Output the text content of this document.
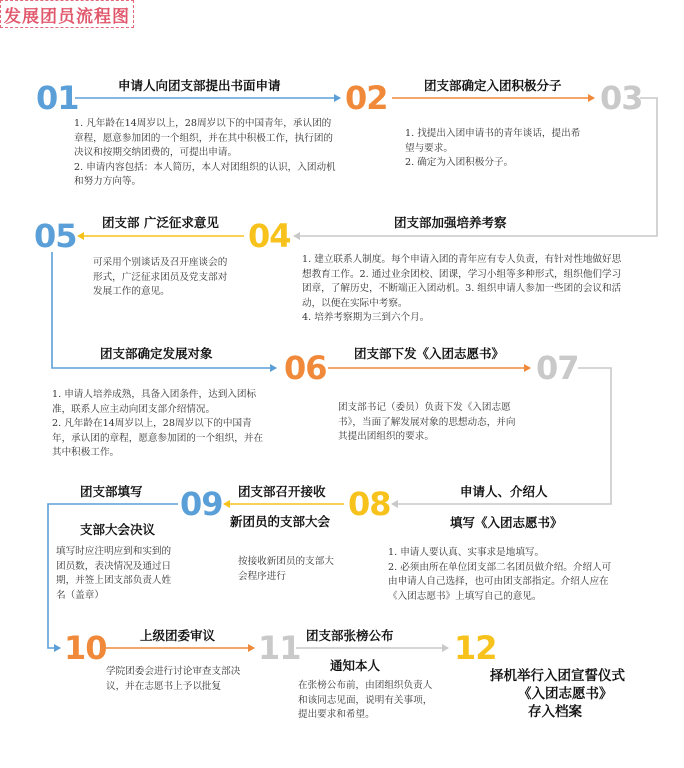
发展团员流程图
01	申请人向团支部提出书面申请

1. 凡年龄在14周岁以上，28周岁以下的中国青年，承认团的章程，愿意参加团的一个组织，并在其中积极工作，执行团的决议和按期交纳团费的，可提出申请。

2. 申请内容包括：本人简历，本人对团组织的认识，入团动机和努力方向等。

02	团支部确定入团积极分子

1. 找提出入团申请书的青年谈话，提出希望与要求。

2. 确定为入团积极分子。

03
04	团支部加强培养考察

1. 建立联系人制度。每个申请入团的青年应有专人负责，有针对性地做好思想教育工作。2. 通过业余团校、团课，学习小组等多种形式，组织他们学习团章，了解历史，不断端正入团动机。3. 组织申请人参加一些团的会议和活动，以便在实际中考察。

4. 培养考察期为三到六个月。

05 团支部 广泛征求意见

可采用个别谈话及召开座谈会的形式，广泛征求团员及党支部对发展工作的意见。

06
团支部确定发展对象

1. 申请人培养成熟，具备入团条件，达到入团标准，联系人应主动向团支部介绍情况。

2. 凡年龄在14周岁以上，28周岁以下的中国青年，承认团的章程，愿意参加团的一个组织，并在其中积极工作。

07
团支部下发《入团志愿书》

团支部书记（委员）负责下发《入团志愿书》，当面了解发展对象的思想动态，并向其提出团组织的要求。

08	申请人、介绍人
填写《入团志愿书》

1. 申请人要认真、实事求是地填写。

2. 必须由所在单位团支部二名团员做介绍。介绍人可由申请人自己选择，也可由团支部指定。介绍人应在《入团志愿书》上填写自己的意见。

09 团支部召开接收
新团员的支部大会

按接收新团员的支部大会程序进行

团支部填写
支部大会决议

填写时应注明应到和实到的团员数，表决情况及通过日期，并签上团支部负责人姓名（盖章）

10	上级团委审议

学院团委会进行讨论审查支部决议，并在志愿书上予以批复

11 团支部张榜公布
通知本人

在张榜公布前，由团组织负责人和该同志见面，说明有关事项，提出要求和希望。

12
择机举行入团宣誓仪式
《入团志愿书》
存入档案
